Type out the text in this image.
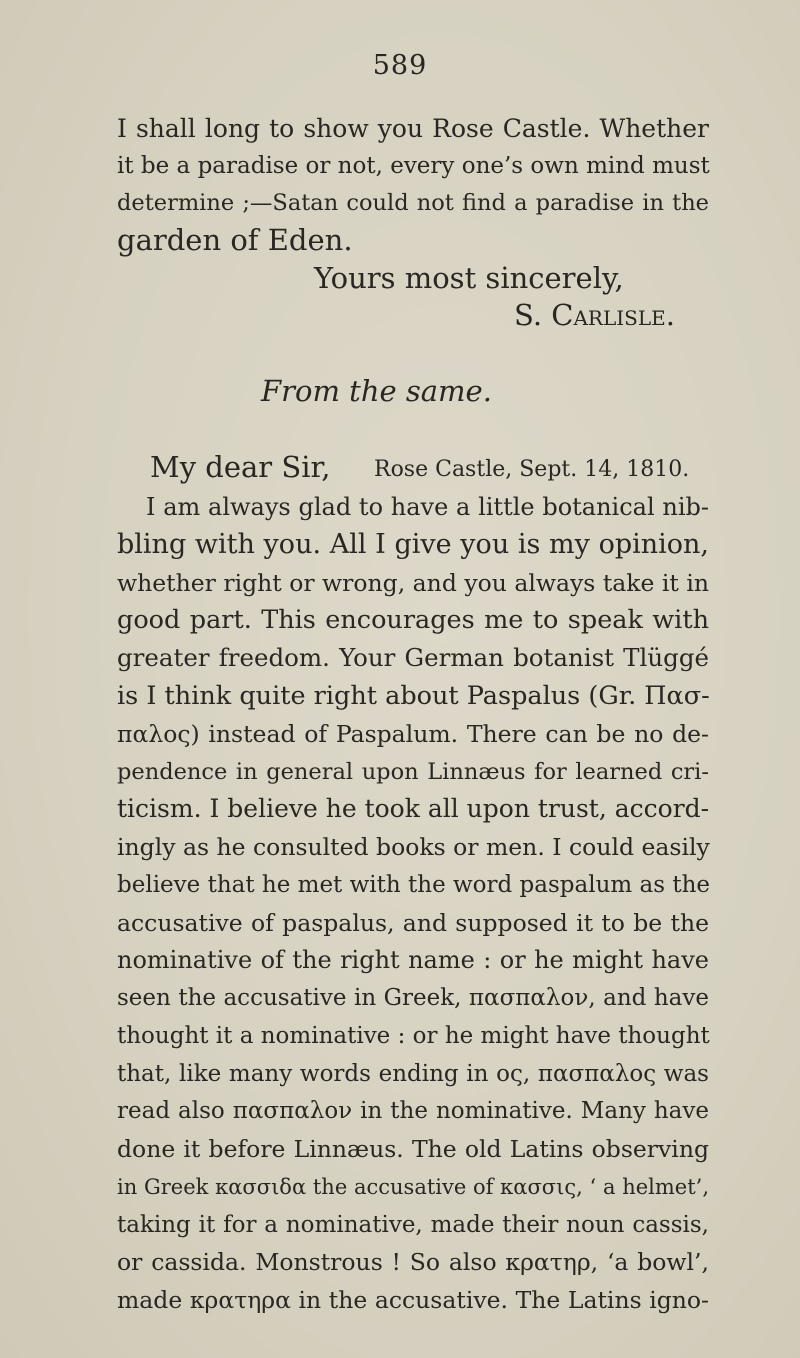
589
I shall long to show you Rose Castle. Whether
it be a paradise or not, every one’s own mind must
determine ;—Satan could not find a paradise in the
garden of Eden.
Yours most sincerely,
S. Carlisle.
From the same.
My dear Sir, Rose Castle, Sept. 14, 1810.
I am always glad to have a little botanical nib-
bling with you. All I give you is my opinion,
whether right or wrong, and you always take it in
good part. This encourages me to speak with
greater freedom. Your German botanist Tlüggé
is I think quite right about Paspalus (Gr. Πασ-
παλος) instead of Paspalum. There can be no de-
pendence in general upon Linnæus for learned cri-
ticism. I believe he took all upon trust, accord-
ingly as he consulted books or men. I could easily
believe that he met with the word paspalum as the
accusative of paspalus, and supposed it to be the
nominative of the right name : or he might have
seen the accusative in Greek, πασπαλον, and have
thought it a nominative : or he might have thought
that, like many words ending in ος, πασπαλος was
read also πασπαλον in the nominative. Many have
done it before Linnæus. The old Latins observing
in Greek κασσιδα the accusative of κασσις, ‘ a helmet’,
taking it for a nominative, made their noun cassis,
or cassida. Monstrous ! So also κρατηρ, ‘a bowl’,
made κρατηρα in the accusative. The Latins igno-
